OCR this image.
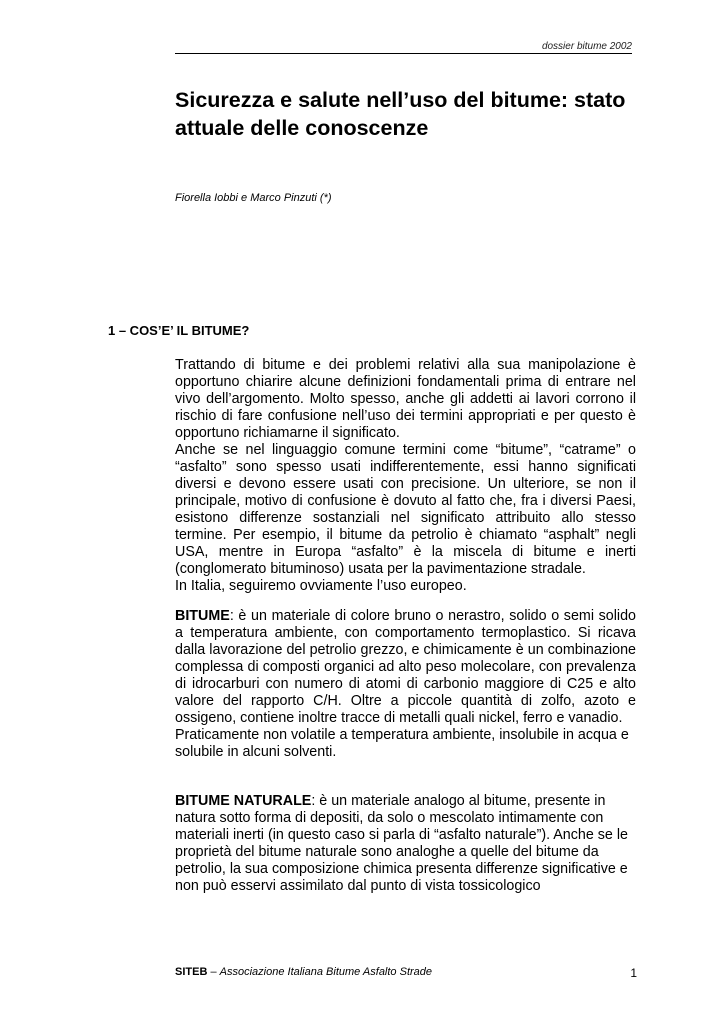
dossier bitume 2002
Sicurezza e salute nell’uso del bitume: stato attuale delle conoscenze
Fiorella Iobbi e Marco Pinzuti (*)
1 – COS’E’ IL BITUME?
Trattando di bitume e dei problemi relativi alla sua manipolazione è opportuno chiarire alcune definizioni fondamentali prima di entrare nel vivo dell’argomento. Molto spesso, anche gli addetti ai lavori corrono il rischio di fare confusione nell’uso dei termini appropriati e per questo è opportuno richiamarne il significato.
Anche se nel linguaggio comune termini come “bitume”, “catrame” o “asfalto” sono spesso usati indifferentemente, essi hanno significati diversi e devono essere usati con precisione. Un ulteriore, se non il principale, motivo di confusione è dovuto al fatto che, fra i diversi Paesi, esistono differenze sostanziali nel significato attribuito allo stesso termine. Per esempio, il bitume da petrolio è chiamato “asphalt” negli USA, mentre in Europa “asfalto” è la miscela di bitume e inerti (conglomerato bituminoso) usata per la pavimentazione stradale.
In Italia, seguiremo ovviamente l’uso europeo.
BITUME: è un materiale di colore bruno o nerastro, solido o semi solido a temperatura ambiente, con comportamento termoplastico. Si ricava dalla lavorazione del petrolio grezzo, e chimicamente è un combinazione complessa di composti organici ad alto peso molecolare, con prevalenza di idrocarburi con numero di atomi di carbonio maggiore di C25 e alto valore del rapporto C/H. Oltre a piccole quantità di zolfo, azoto e ossigeno, contiene inoltre tracce di metalli quali nickel, ferro e vanadio.
Praticamente non volatile a temperatura ambiente, insolubile in acqua e solubile in alcuni solventi.
BITUME NATURALE: è un materiale analogo al bitume, presente in natura sotto forma di depositi, da solo o mescolato intimamente con materiali inerti (in questo caso si parla di “asfalto naturale”). Anche se le proprietà del bitume naturale sono analoghe a quelle del bitume da petrolio, la sua composizione chimica presenta differenze significative e non può esservi assimilato dal punto di vista tossicologico
SITEB – Associazione Italiana Bitume Asfalto Strade	1
